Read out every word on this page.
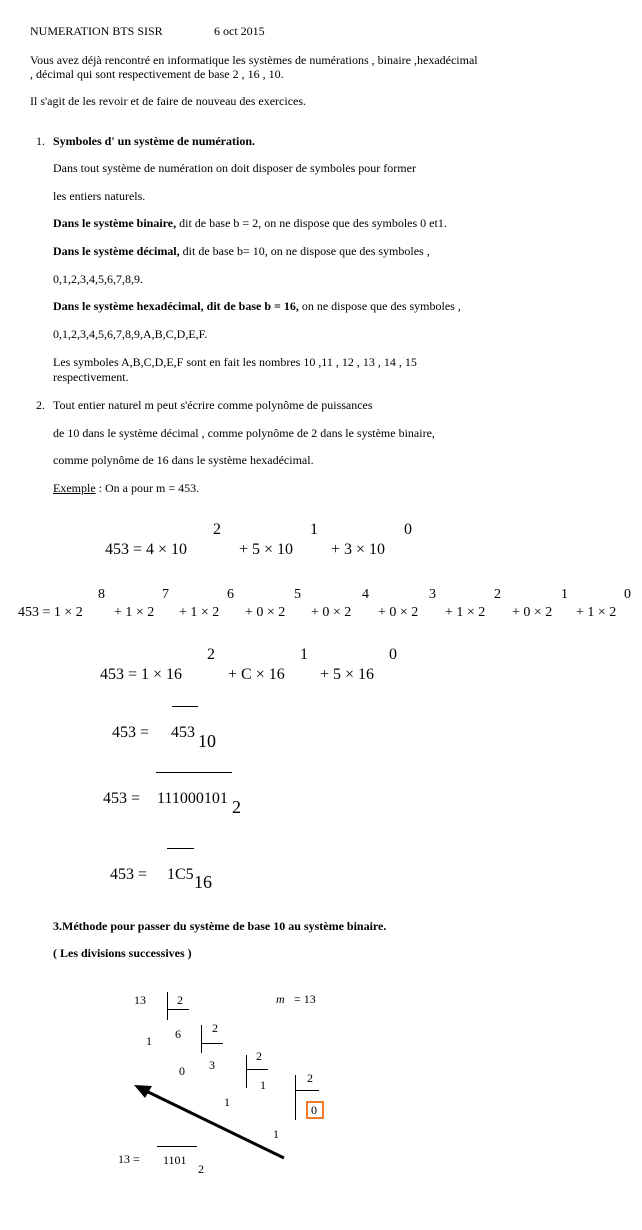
NUMERATION BTS SISR	6 oct 2015
Vous avez déjà rencontré en informatique les systèmes de numérations , binaire ,hexadécimal
, décimal qui sont respectivement de base 2 , 16 , 10.
Il s'agit de les revoir et de faire de nouveau des exercices.
1. Symboles d' un système de numération.
Dans tout système de numération on doit disposer de symboles pour former
les entiers naturels.
Dans le système binaire, dit de base b = 2, on ne dispose que des symboles 0 et1.
Dans le système décimal, dit de base b= 10, on ne dispose que des symboles ,
0,1,2,3,4,5,6,7,8,9.
Dans le système hexadécimal, dit de base b = 16, on ne dispose que des symboles ,
0,1,2,3,4,5,6,7,8,9,A,B,C,D,E,F.
Les symboles A,B,C,D,E,F sont en fait les nombres 10 ,11 , 12 , 13 , 14 , 15
respectivement.
2. Tout entier naturel m peut s'écrire comme polynôme de puissances
de 10 dans le système décimal , comme polynôme de 2 dans le système binaire,
comme polynôme de 16 dans le système hexadécimal.
Exemple : On a pour m = 453.
453 = 4 × 10
2
+ 5 × 10
1
+ 3 × 10
0
453 = 1 × 2
8
+ 1 × 2
7
+ 1 × 2
6
+ 0 × 2
5
+ 0 × 2
4
+ 0 × 2
3
+ 1 × 2
2
+ 0 × 2
1
+ 1 × 2
0
453 = 1 × 16
2
+ C × 16
1
+ 5 × 16
0
453 = 453 10
453 = 111000101 2
453 = 1C5 16
3.Méthode pour passer du système de base 10 au système binaire.
( Les divisions successives )
13	2	m = 13
1 6	2
0 3
2
1
1	2
1
0
13 = 1101
2
